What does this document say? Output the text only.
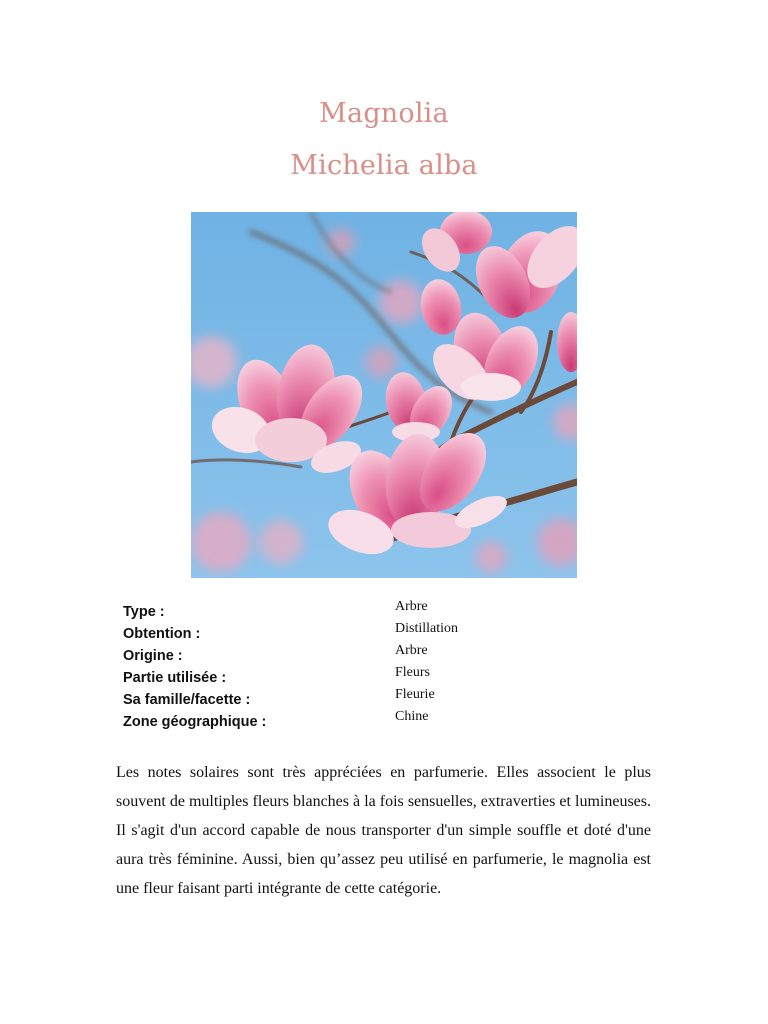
Magnolia
Michelia alba
Type :
Obtention :
Origine :
Partie utilisée :
Sa famille/facette :
Zone géographique :
Arbre
Distillation
Arbre
Fleurs
Fleurie
Chine

Les notes solaires sont très appréciées en parfumerie. Elles associent le plus souvent de multiples fleurs blanches à la fois sensuelles, extraverties et lumineuses. Il s'agit d'un accord capable de nous transporter d'un simple souffle et doté d'une aura très féminine. Aussi, bien qu’assez peu utilisé en parfumerie, le magnolia est une fleur faisant parti intégrante de cette catégorie.
